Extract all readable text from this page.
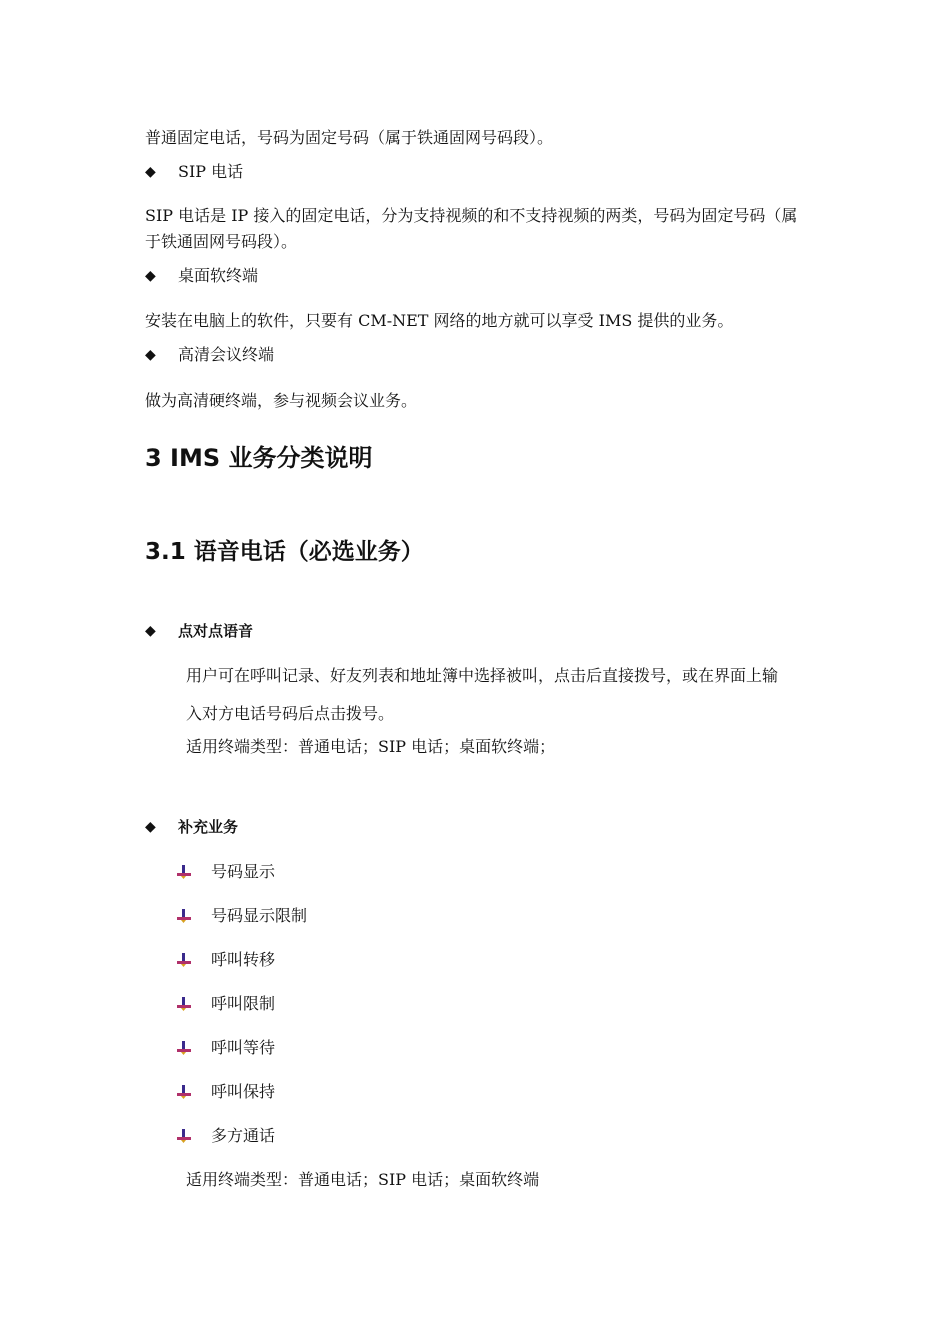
普通固定电话，号码为固定号码（属于铁通固网号码段）。
◆ SIP 电话
SIP 电话是 IP 接入的固定电话，分为支持视频的和不支持视频的两类，号码为固定号码（属于铁通固网号码段）。
◆ 桌面软终端
安装在电脑上的软件，只要有 CM-NET 网络的地方就可以享受 IMS 提供的业务。
◆ 高清会议终端
做为高清硬终端，参与视频会议业务。
3 IMS 业务分类说明
3.1 语音电话（必选业务）
◆ 点对点语音
用户可在呼叫记录、好友列表和地址簿中选择被叫，点击后直接拨号，或在界面上输
入对方电话号码后点击拨号。
适用终端类型：普通电话；SIP 电话；桌面软终端；
◆ 补充业务
号码显示
号码显示限制
呼叫转移
呼叫限制
呼叫等待
呼叫保持
多方通话
适用终端类型：普通电话；SIP 电话；桌面软终端
